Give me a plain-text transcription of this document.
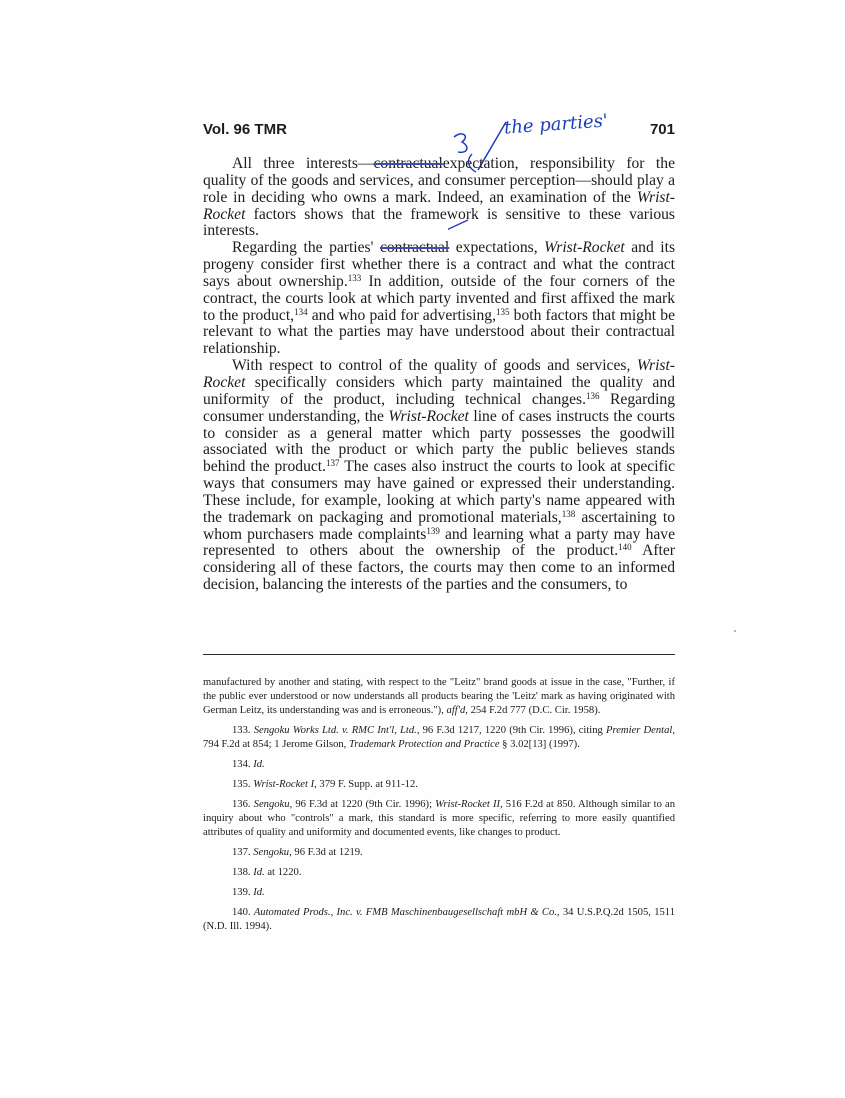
Vol. 96 TMR	701
the parties'

All three interests—contractualexpectation, responsibility for the quality of the goods and services, and consumer perception—should play a role in deciding who owns a mark. Indeed, an examination of the Wrist-Rocket factors shows that the framework is sensitive to these various interests.

Regarding the parties' contractual expectations, Wrist-Rocket and its progeny consider first whether there is a contract and what the contract says about ownership.$^{133}$ In addition, outside of the four corners of the contract, the courts look at which party invented and first affixed the mark to the product,$^{134}$ and who paid for advertising,$^{135}$ both factors that might be relevant to what the parties may have understood about their contractual relationship.

With respect to control of the quality of goods and services, Wrist-Rocket specifically considers which party maintained the quality and uniformity of the product, including technical changes.$^{136}$ Regarding consumer understanding, the Wrist-Rocket line of cases instructs the courts to consider as a general matter which party possesses the goodwill associated with the product or which party the public believes stands behind the product.$^{137}$ The cases also instruct the courts to look at specific ways that consumers may have gained or expressed their understanding. These include, for example, looking at which party's name appeared with the trademark on packaging and promotional materials,$^{138}$ ascertaining to whom purchasers made complaints$^{139}$ and learning what a party may have represented to others about the ownership of the product.$^{140}$ After considering all of these factors, the courts may then come to an informed decision, balancing the interests of the parties and the consumers, to

manufactured by another and stating, with respect to the "Leitz" brand goods at issue in the case, "Further, if the public ever understood or now understands all products bearing the 'Leitz' mark as having originated with German Leitz, its understanding was and is erroneous."), aff'd, 254 F.2d 777 (D.C. Cir. 1958).

133. Sengoku Works Ltd. v. RMC Int'l, Ltd., 96 F.3d 1217, 1220 (9th Cir. 1996), citing Premier Dental, 794 F.2d at 854; 1 Jerome Gilson, Trademark Protection and Practice § 3.02[13] (1997).

134. Id.

135. Wrist-Rocket I, 379 F. Supp. at 911-12.

136. Sengoku, 96 F.3d at 1220 (9th Cir. 1996); Wrist-Rocket II, 516 F.2d at 850. Although similar to an inquiry about who "controls" a mark, this standard is more specific, referring to more easily quantified attributes of quality and uniformity and documented events, like changes to product.

137. Sengoku, 96 F.3d at 1219.

138. Id. at 1220.

139. Id.

140. Automated Prods., Inc. v. FMB Maschinenbaugesellschaft mbH & Co., 34 U.S.P.Q.2d 1505, 1511 (N.D. Ill. 1994).
